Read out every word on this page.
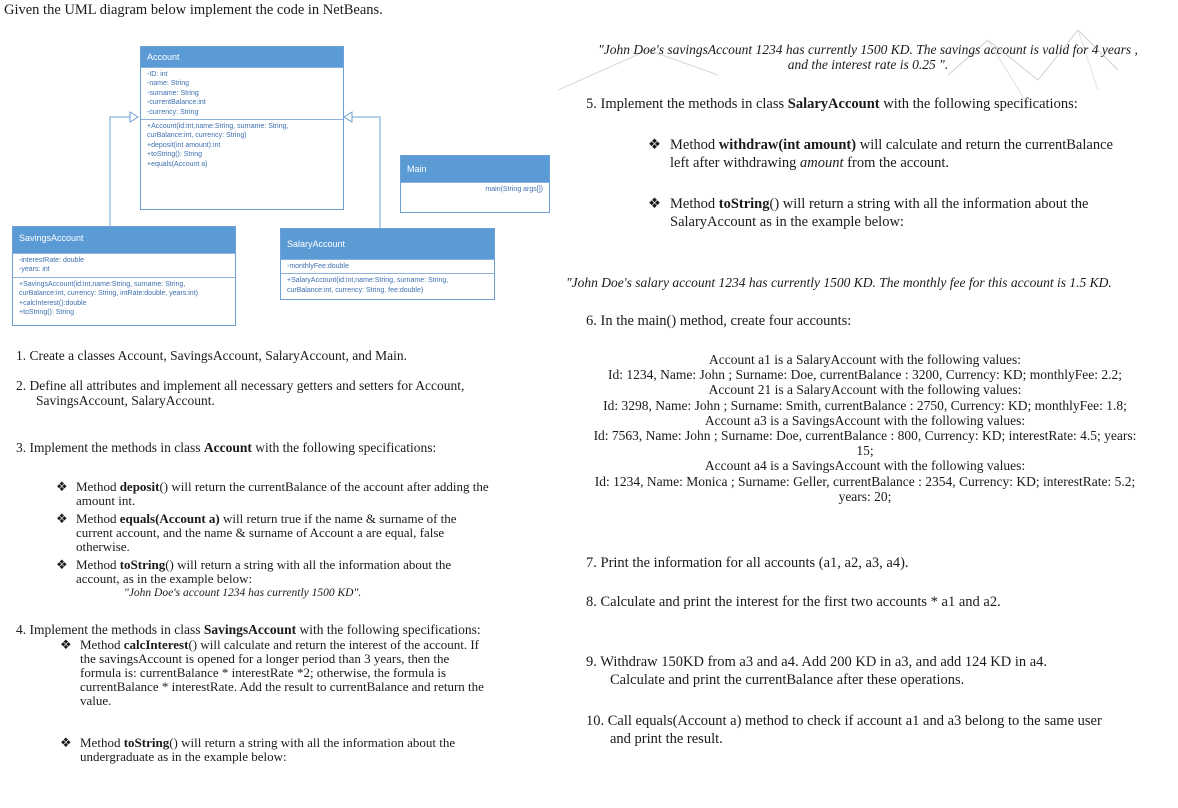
Given the UML diagram below implement the code in NetBeans.
Account
-ID: int
-name: String
-surname: String
-currentBalance:int
-currency: String
+Account(id:int,name:String, surname: String,
curBalance:int, currency: String)
+deposit(int amount):int
+toString(): String
+equals(Account a)	Main
main(String args[])
SavingsAccount
-interestRate: double
-years: int
+SavingsAccount(id:int,name:String, surname: String,
curBalance:int, currency: String, intRate:double, years:int)
+calcInterest():double
+toString(): String
SalaryAccount
-monthlyFee:double
+SalaryAccount(id:int,name:String, surname: String,
curBalance:int, currency: String, fee:double)
1. Create a classes Account, SavingsAccount, SalaryAccount, and Main.
2. Define all attributes and implement all necessary getters and setters for Account,
SavingsAccount, SalaryAccount.
3. Implement the methods in class Account with the following specifications:
❖ Method deposit() will return the currentBalance of the account after adding the
amount int.
❖ Method equals(Account a) will return true if the name & surname of the
current account, and the name & surname of Account a are equal, false
otherwise.
❖ Method toString() will return a string with all the information about the
account, as in the example below:
"John Doe's account 1234 has currently 1500 KD".
4. Implement the methods in class SavingsAccount with the following specifications:
❖ Method calcInterest() will calculate and return the interest of the account. If
the savingsAccount is opened for a longer period than 3 years, then the
formula is: currentBalance * interestRate *2; otherwise, the formula is
currentBalance * interestRate. Add the result to currentBalance and return the
value.
❖ Method toString() will return a string with all the information about the
undergraduate as in the example below:
"John Doe's savingsAccount 1234 has currently 1500 KD. The savings account is valid for 4 years ,
and the interest rate is 0.25 ".
5. Implement the methods in class SalaryAccount with the following specifications:
❖ Method withdraw(int amount) will calculate and return the currentBalance
left after withdrawing amount from the account.
❖ Method toString() will return a string with all the information about the
SalaryAccount as in the example below:
"John Doe's salary account 1234 has currently 1500 KD. The monthly fee for this account is 1.5 KD.
6. In the main() method, create four accounts:
Account a1 is a SalaryAccount with the following values:
Id: 1234, Name: John ; Surname: Doe, currentBalance : 3200, Currency: KD; monthlyFee: 2.2;
Account 21 is a SalaryAccount with the following values:
Id: 3298, Name: John ; Surname: Smith, currentBalance : 2750, Currency: KD; monthlyFee: 1.8;
Account a3 is a SavingsAccount with the following values:
Id: 7563, Name: John ; Surname: Doe, currentBalance : 800, Currency: KD; interestRate: 4.5; years:
15;
Account a4 is a SavingsAccount with the following values:
Id: 1234, Name: Monica ; Surname: Geller, currentBalance : 2354, Currency: KD; interestRate: 5.2;
years: 20;
7. Print the information for all accounts (a1, a2, a3, a4).
8. Calculate and print the interest for the first two accounts * a1 and a2.
9. Withdraw 150KD from a3 and a4. Add 200 KD in a3, and add 124 KD in a4.
Calculate and print the currentBalance after these operations.
10. Call equals(Account a) method to check if account a1 and a3 belong to the same user
and print the result.
